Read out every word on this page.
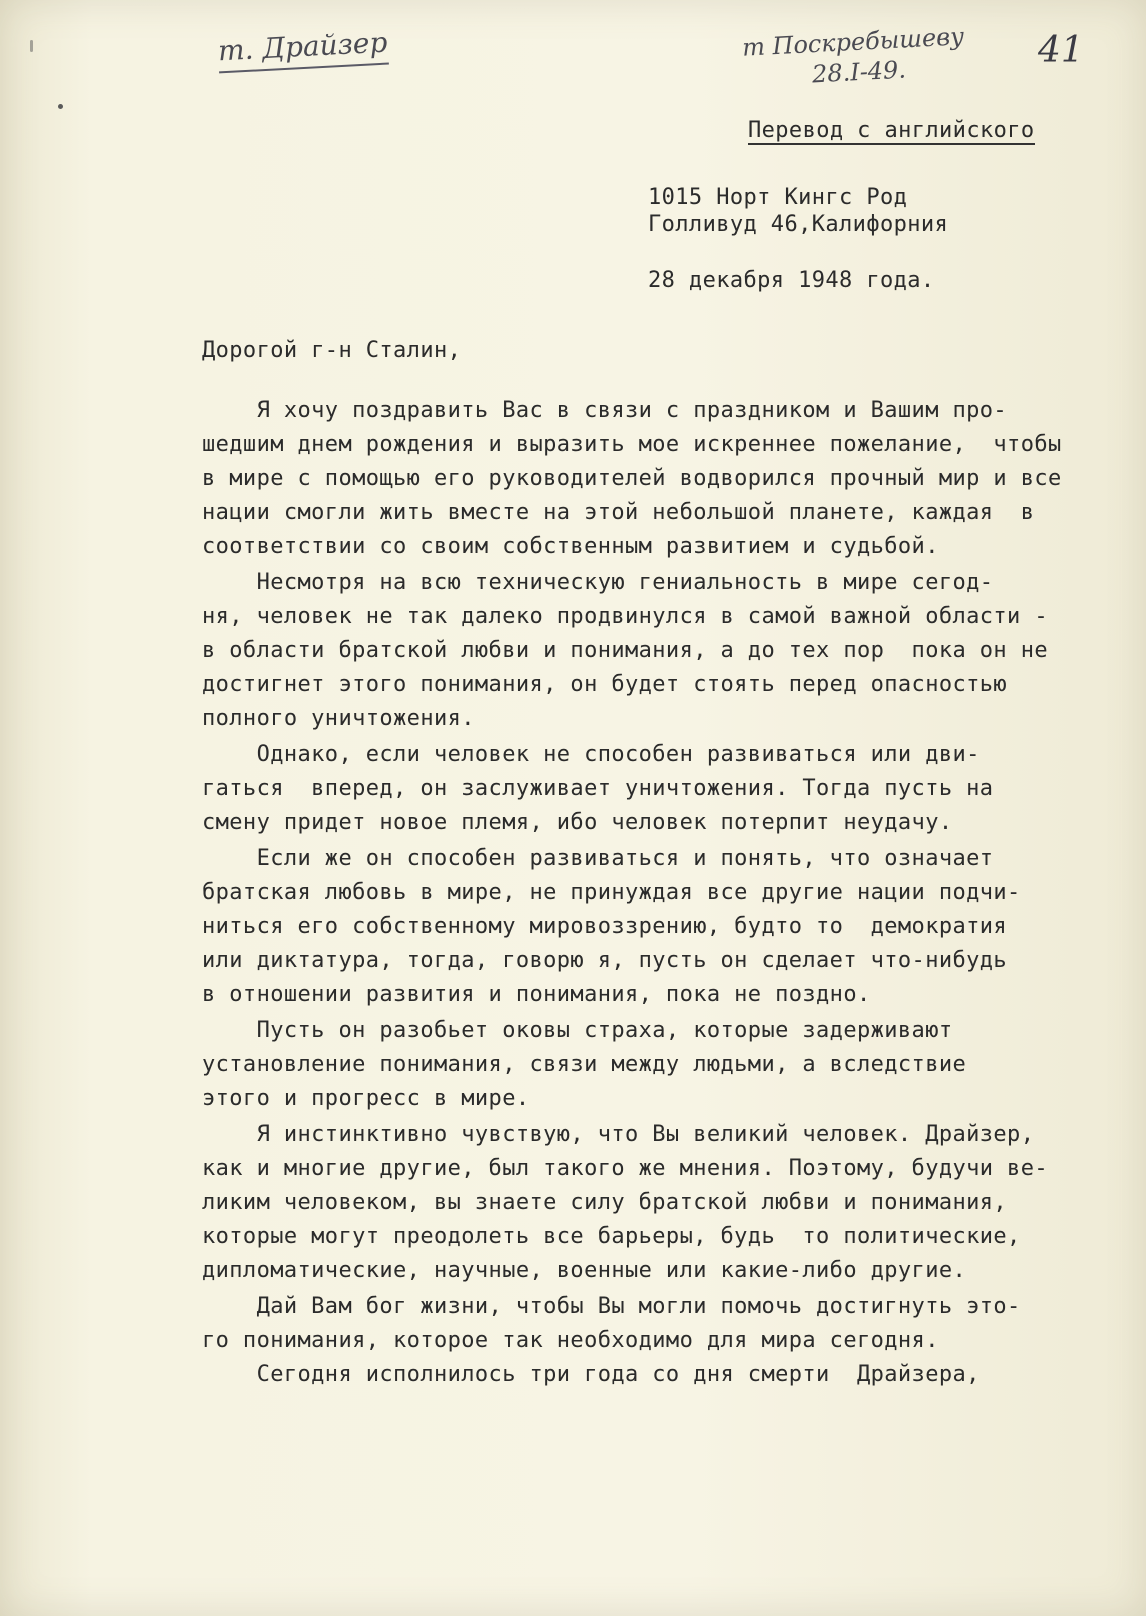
т. Драйзер	т Поскребышеву
28.I-49.
41
Перевод с английского
1015 Норт Кингс Род
Голливуд 46,Калифорния
28 декабря 1948 года.
Дорогой г-н Сталин,
Я хочу поздравить Вас в связи с праздником и Вашим про-
шедшим днем рождения и выразить мое искреннее пожелание,  чтобы
в мире с помощью его руководителей водворился прочный мир и все
нации смогли жить вместе на этой небольшой планете, каждая  в
соответствии со своим собственным развитием и судьбой.
Несмотря на всю техническую гениальность в мире сегод-
ня, человек не так далеко продвинулся в самой важной области -
в области братской любви и понимания, а до тех пор  пока он не
достигнет этого понимания, он будет стоять перед опасностью
полного уничтожения.
Однако, если человек не способен развиваться или дви-
гаться  вперед, он заслуживает уничтожения. Тогда пусть на
смену придет новое племя, ибо человек потерпит неудачу.
Если же он способен развиваться и понять, что означает
братская любовь в мире, не принуждая все другие нации подчи-
ниться его собственному мировоззрению, будто то  демократия
или диктатура, тогда, говорю я, пусть он сделает что-нибудь
в отношении развития и понимания, пока не поздно.
Пусть он разобьет оковы страха, которые задерживают
установление понимания, связи между людьми, а вследствие
этого и прогресс в мире.
Я инстинктивно чувствую, что Вы великий человек. Драйзер,
как и многие другие, был такого же мнения. Поэтому, будучи ве-
ликим человеком, вы знаете силу братской любви и понимания,
которые могут преодолеть все барьеры, будь  то политические,
дипломатические, научные, военные или какие-либо другие.
Дай Вам бог жизни, чтобы Вы могли помочь достигнуть это-
го понимания, которое так необходимо для мира сегодня.
Сегодня исполнилось три года со дня смерти  Драйзера,
